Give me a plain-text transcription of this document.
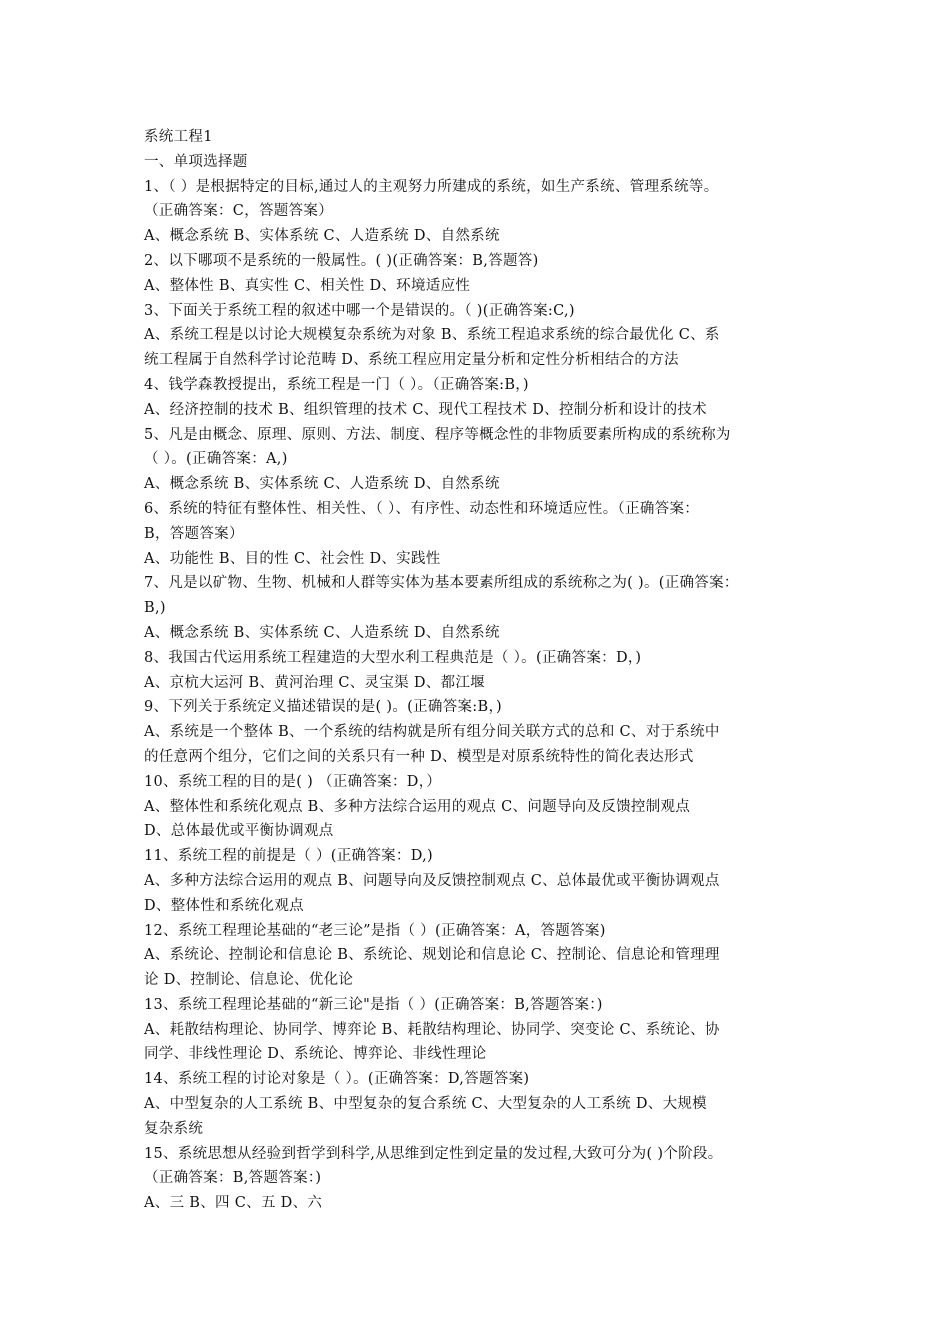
系统工程1
一、单项选择题
1、（ ）是根据特定的目标,通过人的主观努力所建成的系统，如生产系统、管理系统等。
（正确答案：C，答题答案）
A、概念系统 B、实体系统 C、人造系统 D、自然系统
2、以下哪项不是系统的一般属性。( )(正确答案：B,答题答)
A、整体性 B、真实性 C、相关性 D、环境适应性
3、下面关于系统工程的叙述中哪一个是错误的。（ )(正确答案:C,)
A、系统工程是以讨论大规模复杂系统为对象 B、系统工程追求系统的综合最优化 C、系
统工程属于自然科学讨论范畴 D、系统工程应用定量分析和定性分析相结合的方法
4、钱学森教授提出，系统工程是一门（ ）。（正确答案:B，)
A、经济控制的技术 B、组织管理的技术 C、现代工程技术 D、控制分析和设计的技术
5、凡是由概念、原理、原则、方法、制度、程序等概念性的非物质要素所构成的系统称为
（ ）。(正确答案：A,)
A、概念系统 B、实体系统 C、人造系统 D、自然系统
6、系统的特征有整体性、相关性、（ ）、有序性、动态性和环境适应性。（正确答案：
B，答题答案）
A、功能性 B、目的性 C、社会性 D、实践性
7、凡是以矿物、生物、机械和人群等实体为基本要素所组成的系统称之为( )。(正确答案：
B,)
A、概念系统 B、实体系统 C、人造系统 D、自然系统
8、我国古代运用系统工程建造的大型水利工程典范是（ ）。(正确答案：D，)
A、京杭大运河 B、黄河治理 C、灵宝渠 D、都江堰
9、下列关于系统定义描述错误的是( )。(正确答案:B，)
A、系统是一个整体 B、一个系统的结构就是所有组分间关联方式的总和 C、对于系统中
的任意两个组分，它们之间的关系只有一种 D、模型是对原系统特性的简化表达形式
10、系统工程的目的是( ) （正确答案：D，）
A、整体性和系统化观点 B、多种方法综合运用的观点 C、问题导向及反馈控制观点
D、总体最优或平衡协调观点
11、系统工程的前提是（ ）(正确答案：D,)
A、多种方法综合运用的观点 B、问题导向及反馈控制观点 C、总体最优或平衡协调观点
D、整体性和系统化观点
12、系统工程理论基础的“老三论”是指（ ）(正确答案：A，答题答案)
A、系统论、控制论和信息论 B、系统论、规划论和信息论 C、控制论、信息论和管理理
论 D、控制论、信息论、优化论
13、系统工程理论基础的“新三论"是指（ ）(正确答案：B,答题答案：)
A、耗散结构理论、协同学、博弈论 B、耗散结构理论、协同学、突变论 C、系统论、协
同学、非线性理论 D、系统论、博弈论、非线性理论
14、系统工程的讨论对象是（ ）。(正确答案：D,答题答案)
A、中型复杂的人工系统 B、中型复杂的复合系统 C、大型复杂的人工系统 D、大规模
复杂系统
15、系统思想从经验到哲学到科学,从思维到定性到定量的发过程,大致可分为( )个阶段。
（正确答案：B,答题答案：)
A、三 B、四 C、五 D、六
